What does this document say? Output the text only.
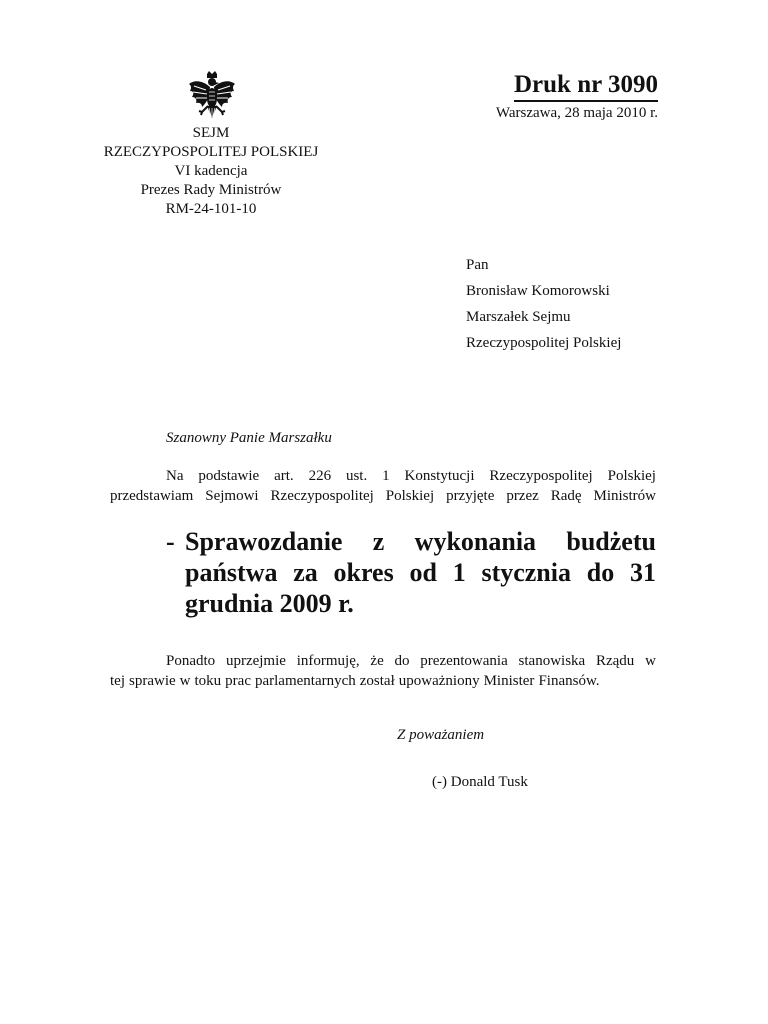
SEJM
RZECZYPOSPOLITEJ POLSKIEJ
VI kadencja
Prezes Rady Ministrów
RM-24-101-10
Druk nr 3090
Warszawa, 28 maja 2010 r.
Pan
Bronisław Komorowski
Marszałek Sejmu
Rzeczypospolitej Polskiej
Szanowny Panie Marszałku
Na podstawie art. 226 ust. 1 Konstytucji Rzeczypospolitej Polskiej
przedstawiam Sejmowi Rzeczypospolitej Polskiej przyjęte przez Radę Ministrów
- Sprawozdanie z wykonania budżetu
państwa za okres od 1 stycznia do 31
grudnia 2009 r.
Ponadto uprzejmie informuję, że do prezentowania stanowiska Rządu w
tej sprawie w toku prac parlamentarnych został upoważniony Minister Finansów.
Z poważaniem
(-) Donald Tusk
